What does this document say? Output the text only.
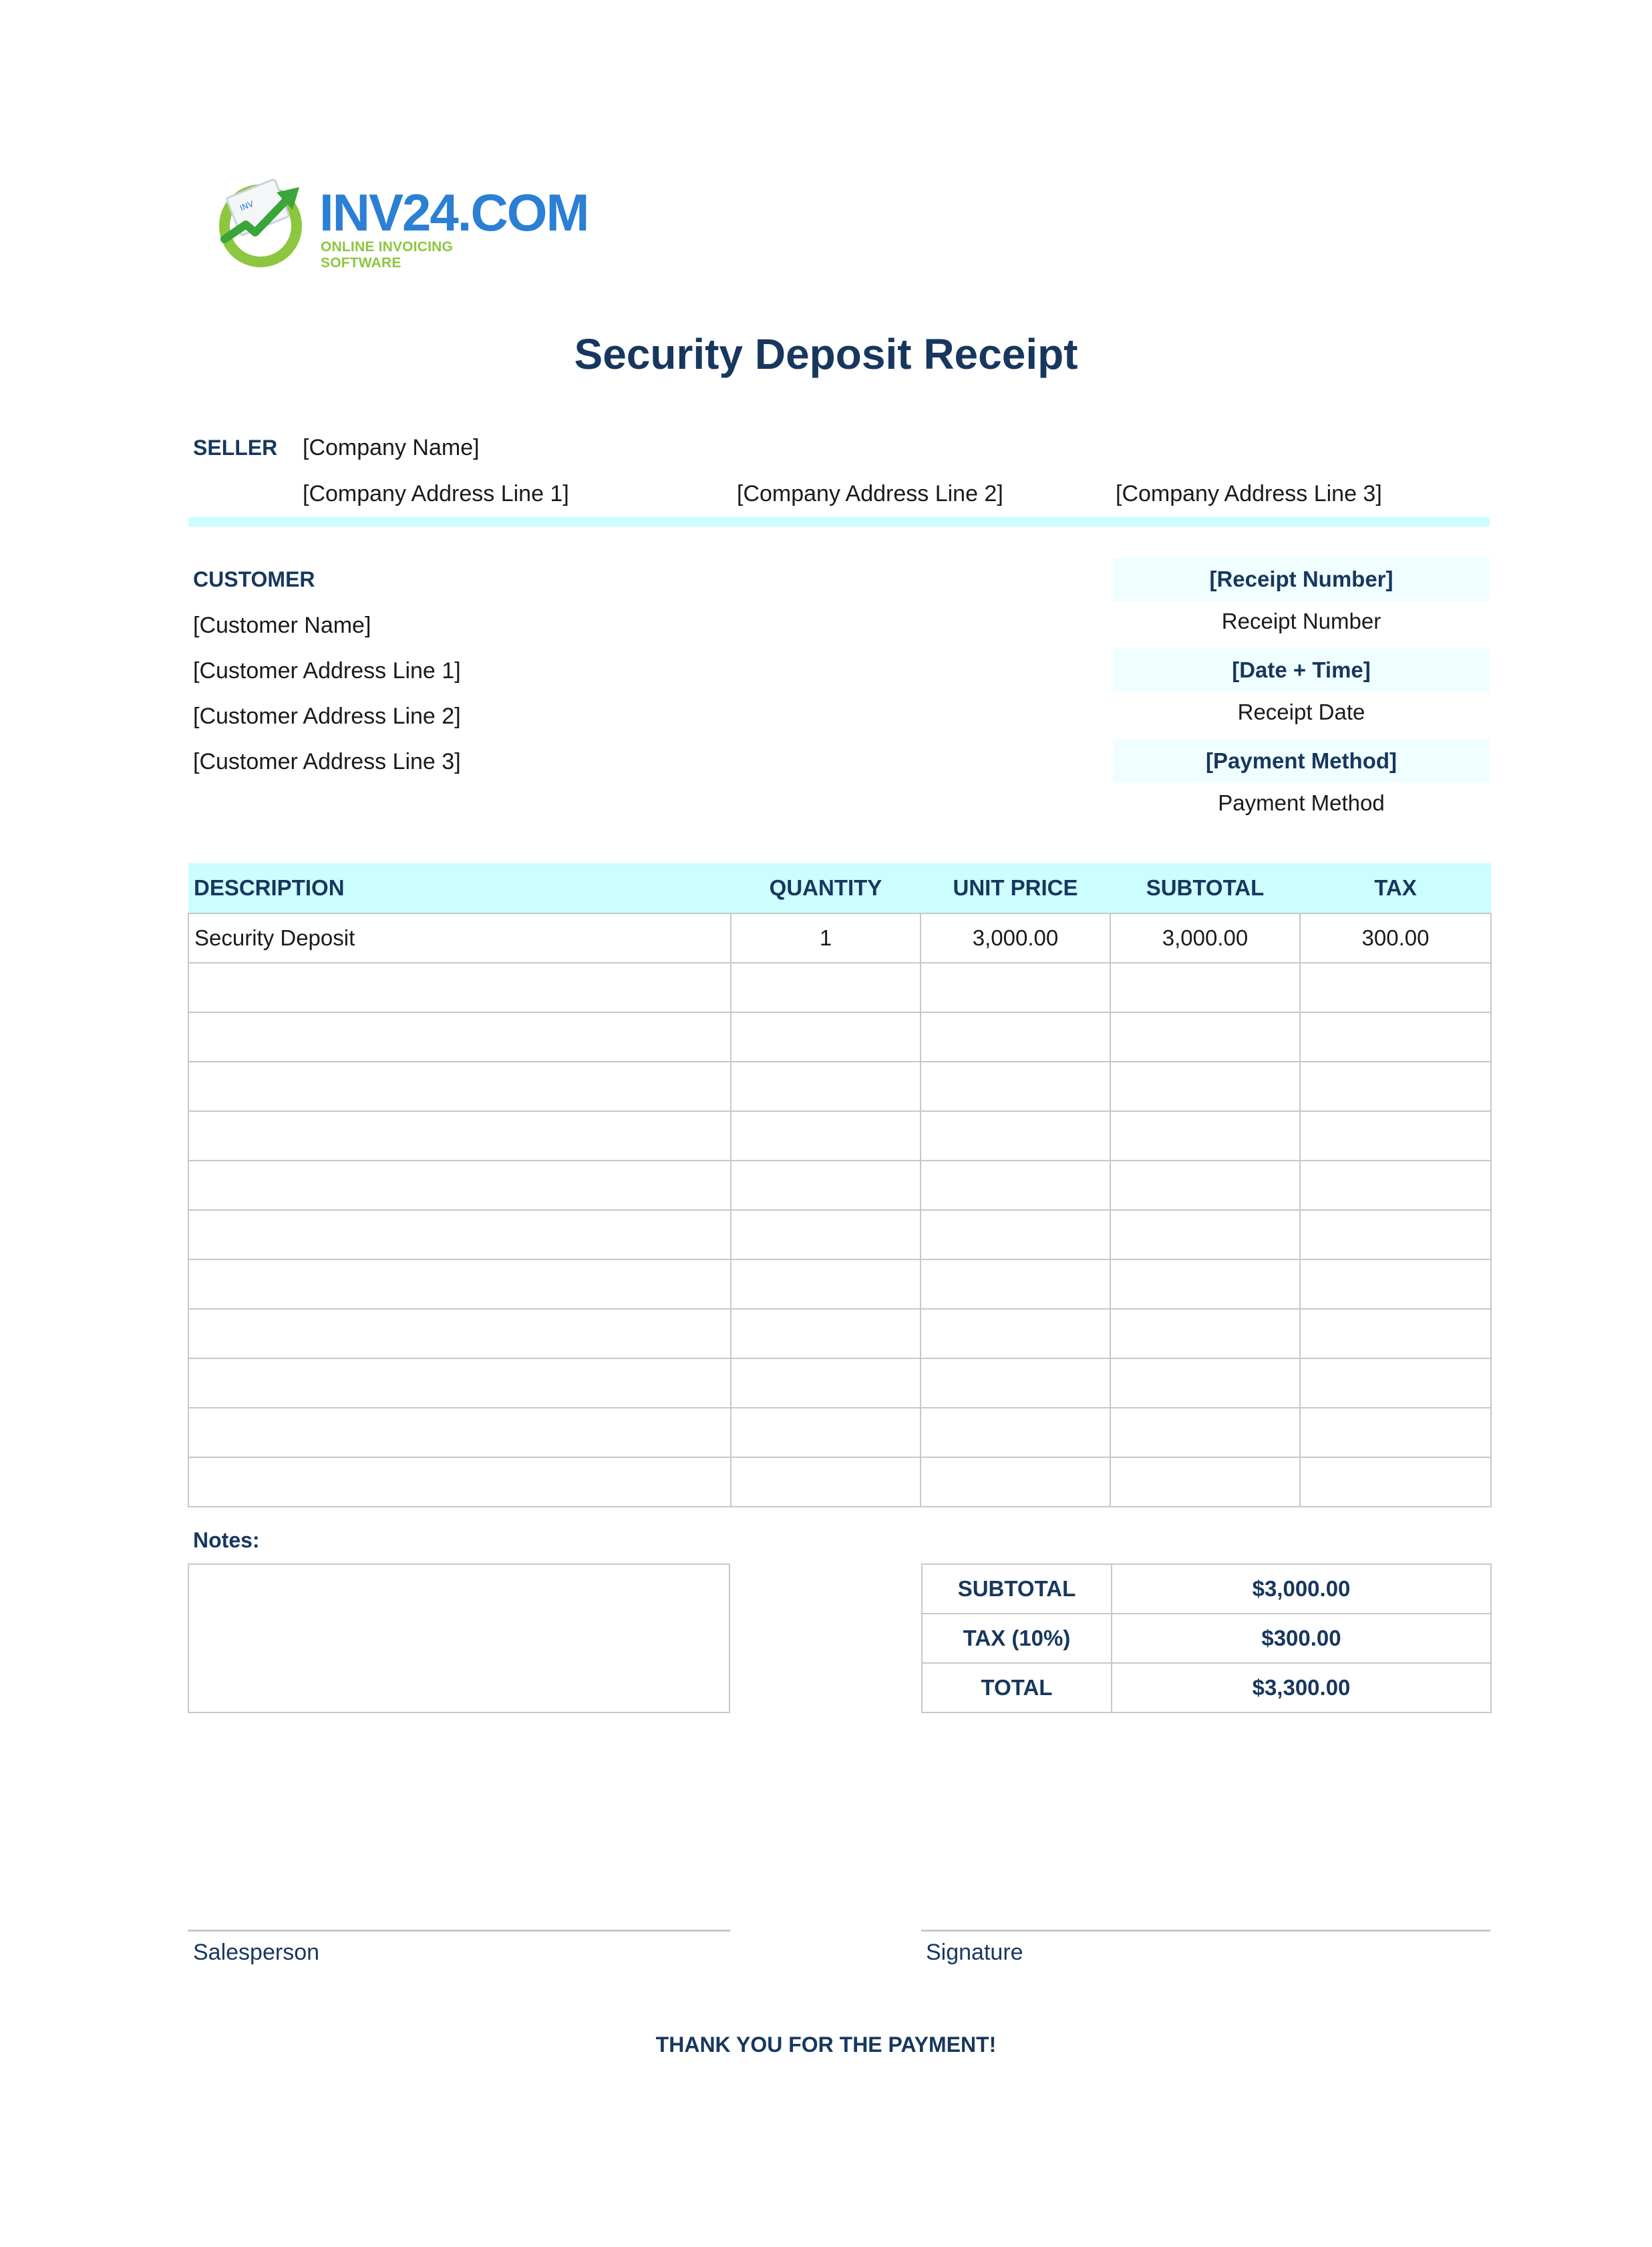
INV INV24.COM
ONLINE INVOICING SOFTWARE
Security Deposit Receipt
SELLER [Company Name]
[Company Address Line 1]	[Company Address Line 2]	[Company Address Line 3]
CUSTOMER
[Customer Name]
[Customer Address Line 1]
[Customer Address Line 2]
[Customer Address Line 3]
[Receipt Number]
Receipt Number
[Date + Time]
Receipt Date
[Payment Method]
Payment Method
DESCRIPTION	QUANTITY	UNIT PRICE	SUBTOTAL	TAX
Security Deposit	1	3,000.00	3,000.00	300.00

Notes:
SUBTOTAL	$3,000.00
TAX (10%)	$300.00
TOTAL	$3,300.00
Salesperson	Signature
THANK YOU FOR THE PAYMENT!
